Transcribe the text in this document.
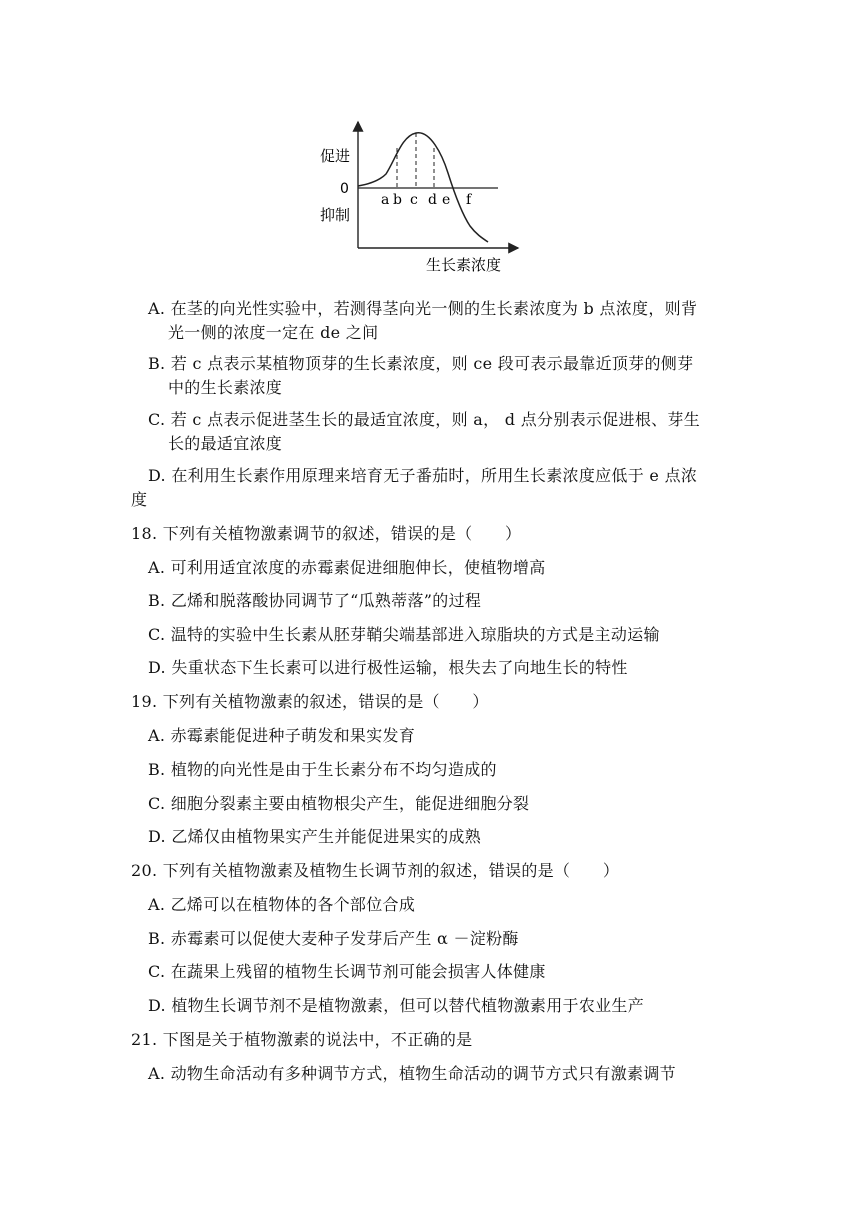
促进
0
抑制
生长素浓度
a b c d e f
A. 在茎的向光性实验中，若测得茎向光一侧的生长素浓度为 b 点浓度，则背
光一侧的浓度一定在 de 之间
B. 若 c 点表示某植物顶芽的生长素浓度，则 ce 段可表示最靠近顶芽的侧芽
中的生长素浓度
C. 若 c 点表示促进茎生长的最适宜浓度，则 a， d 点分别表示促进根、芽生
长的最适宜浓度
D. 在利用生长素作用原理来培育无子番茄时，所用生长素浓度应低于 e 点浓
度
18. 下列有关植物激素调节的叙述，错误的是（　　）
A. 可利用适宜浓度的赤霉素促进细胞伸长，使植物增高
B. 乙烯和脱落酸协同调节了“瓜熟蒂落”的过程
C. 温特的实验中生长素从胚芽鞘尖端基部进入琼脂块的方式是主动运输
D. 失重状态下生长素可以进行极性运输，根失去了向地生长的特性
19. 下列有关植物激素的叙述，错误的是（　　）
A. 赤霉素能促进种子萌发和果实发育
B. 植物的向光性是由于生长素分布不均匀造成的
C. 细胞分裂素主要由植物根尖产生，能促进细胞分裂
D. 乙烯仅由植物果实产生并能促进果实的成熟
20. 下列有关植物激素及植物生长调节剂的叙述，错误的是（　　）
A. 乙烯可以在植物体的各个部位合成
B. 赤霉素可以促使大麦种子发芽后产生 α －淀粉酶
C. 在蔬果上残留的植物生长调节剂可能会损害人体健康
D. 植物生长调节剂不是植物激素，但可以替代植物激素用于农业生产
21. 下图是关于植物激素的说法中，不正确的是
A. 动物生命活动有多种调节方式，植物生命活动的调节方式只有激素调节
